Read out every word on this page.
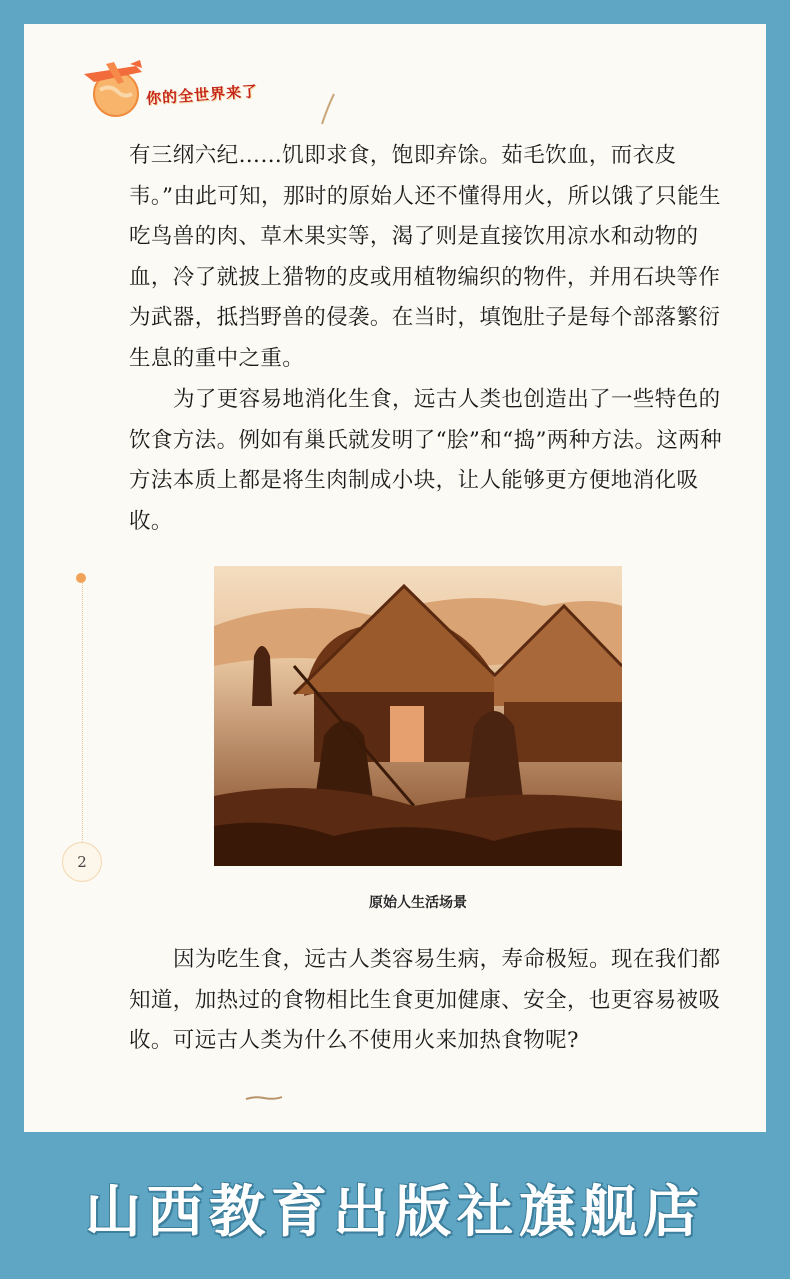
你的全世界来了

有三纲六纪……饥即求食，饱即弃馀。茹毛饮血，而衣皮韦。”由此可知，那时的原始人还不懂得用火，所以饿了只能生吃鸟兽的肉、草木果实等，渴了则是直接饮用凉水和动物的血，冷了就披上猎物的皮或用植物编织的物件，并用石块等作为武器，抵挡野兽的侵袭。在当时，填饱肚子是每个部落繁衍生息的重中之重。

为了更容易地消化生食，远古人类也创造出了一些特色的饮食方法。例如有巢氏就发明了“脍”和“捣”两种方法。这两种方法本质上都是将生肉制成小块，让人能够更方便地消化吸收。

2
原始人生活场景

因为吃生食，远古人类容易生病，寿命极短。现在我们都知道，加热过的食物相比生食更加健康、安全，也更容易被吸收。可远古人类为什么不使用火来加热食物呢?

山西教育出版社旗舰店
